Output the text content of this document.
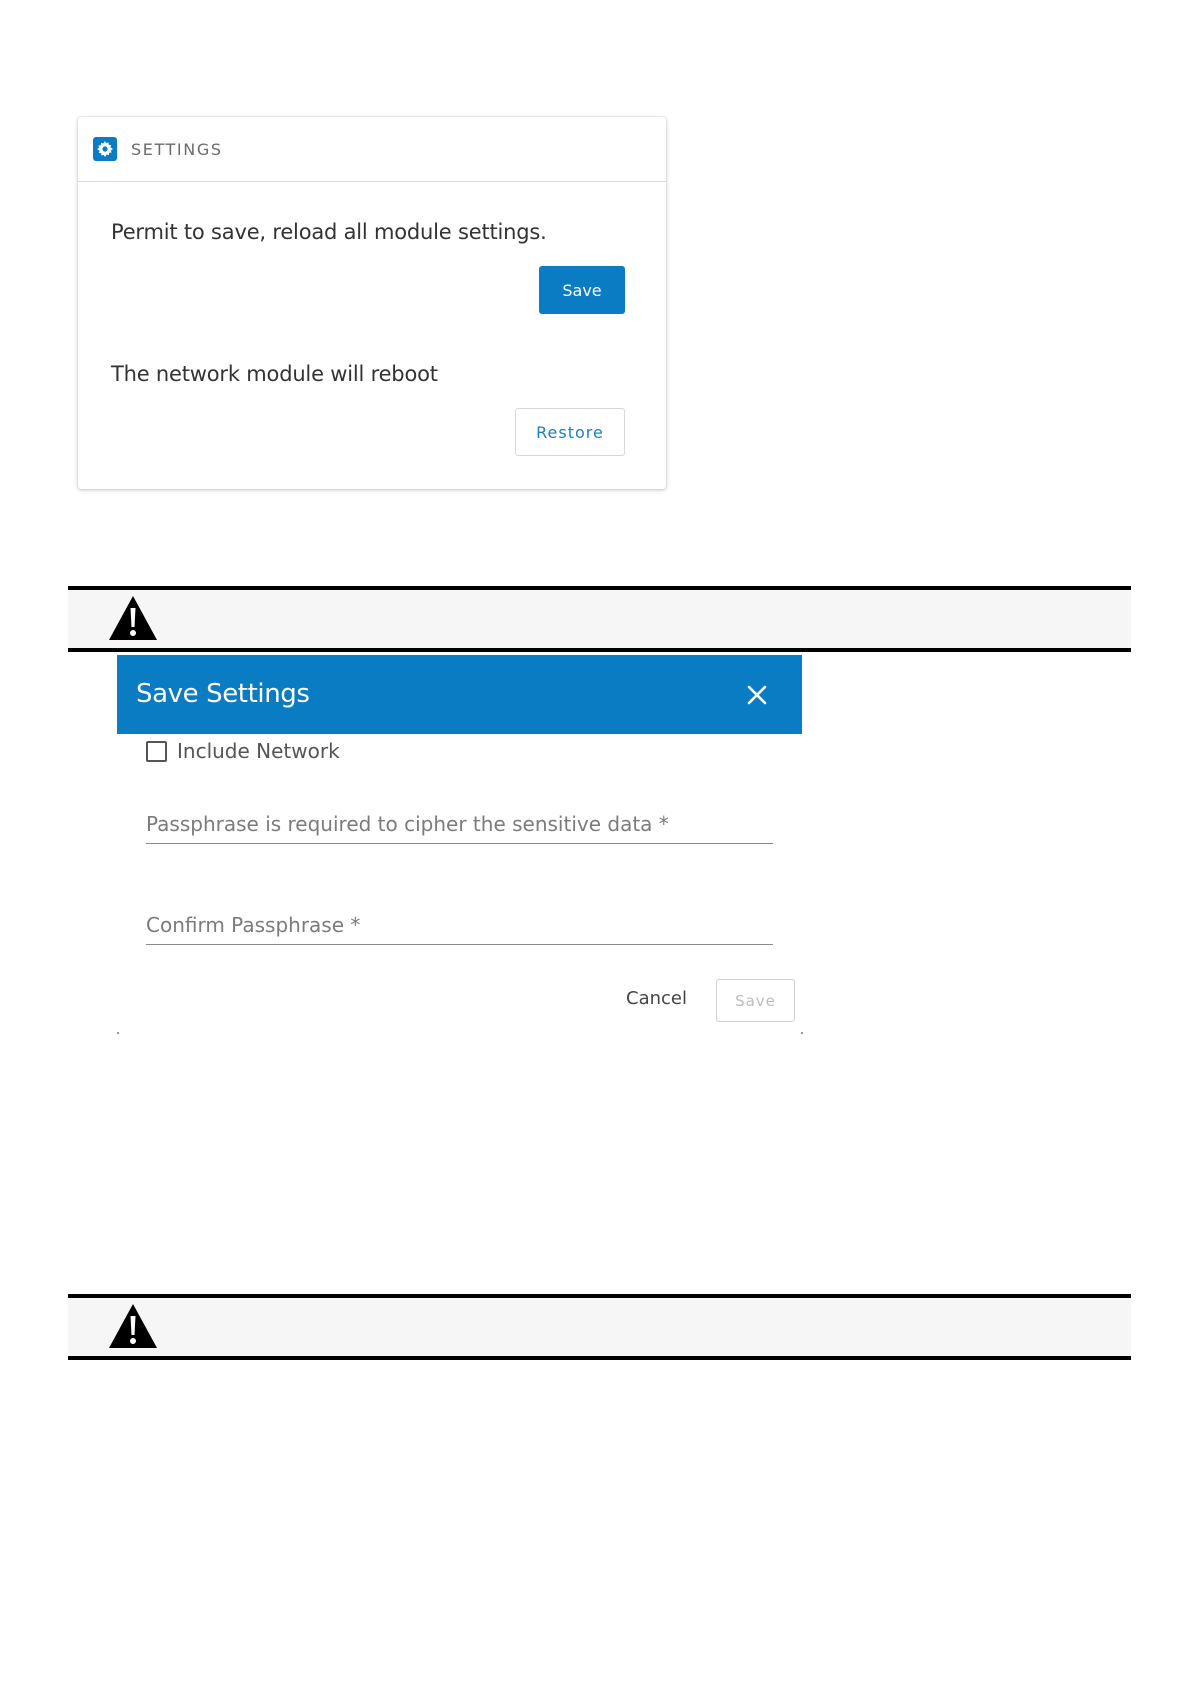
SETTINGS
Permit to save, reload all module settings.
Save
The network module will reboot
Restore
Save Settings
Include Network
Passphrase is required to cipher the sensitive data *
Confirm Passphrase *
Cancel	Save
